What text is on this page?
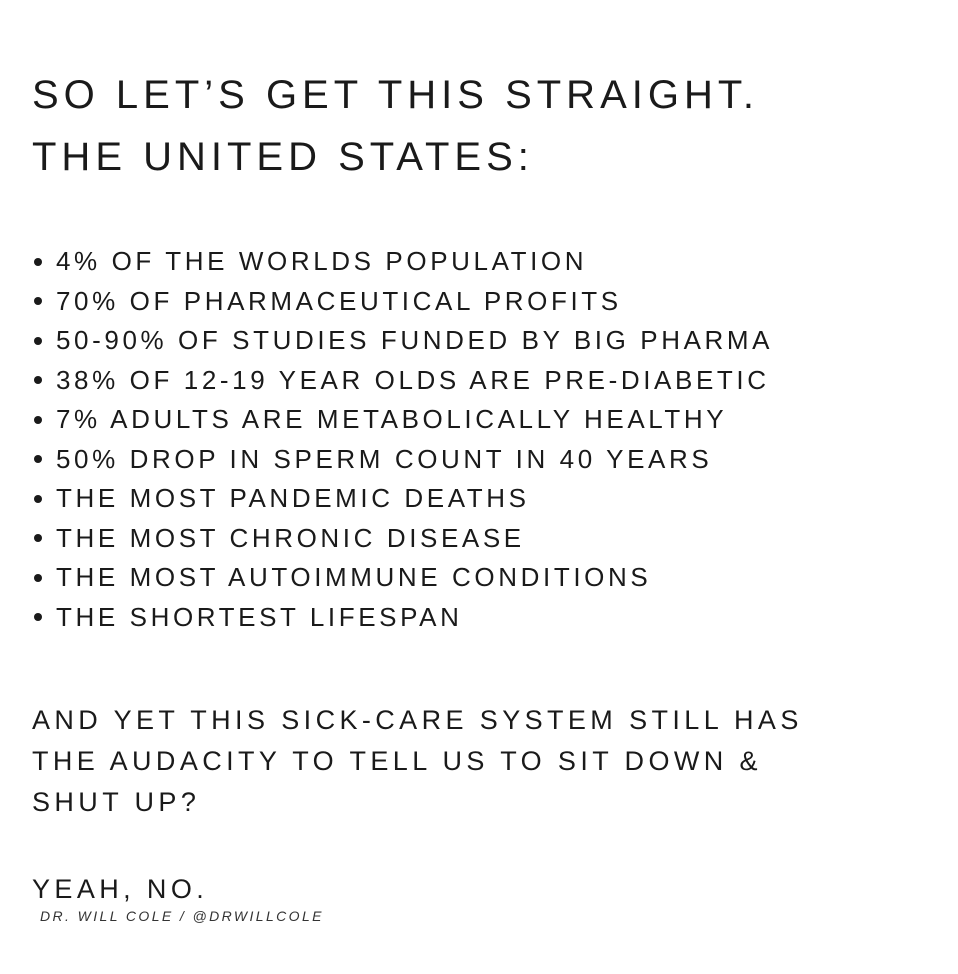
SO LET’S GET THIS STRAIGHT.
THE UNITED STATES:
4% OF THE WORLDS POPULATION
70% OF PHARMACEUTICAL PROFITS
50-90% OF STUDIES FUNDED BY BIG PHARMA
38% OF 12-19 YEAR OLDS ARE PRE-DIABETIC
7% ADULTS ARE METABOLICALLY HEALTHY
50% DROP IN SPERM COUNT IN 40 YEARS
THE MOST PANDEMIC DEATHS
THE MOST CHRONIC DISEASE
THE MOST AUTOIMMUNE CONDITIONS
THE SHORTEST LIFESPAN
AND YET THIS SICK-CARE SYSTEM STILL HAS
THE AUDACITY TO TELL US TO SIT DOWN &
SHUT UP?
YEAH, NO.
DR. WILL COLE / @DRWILLCOLE
